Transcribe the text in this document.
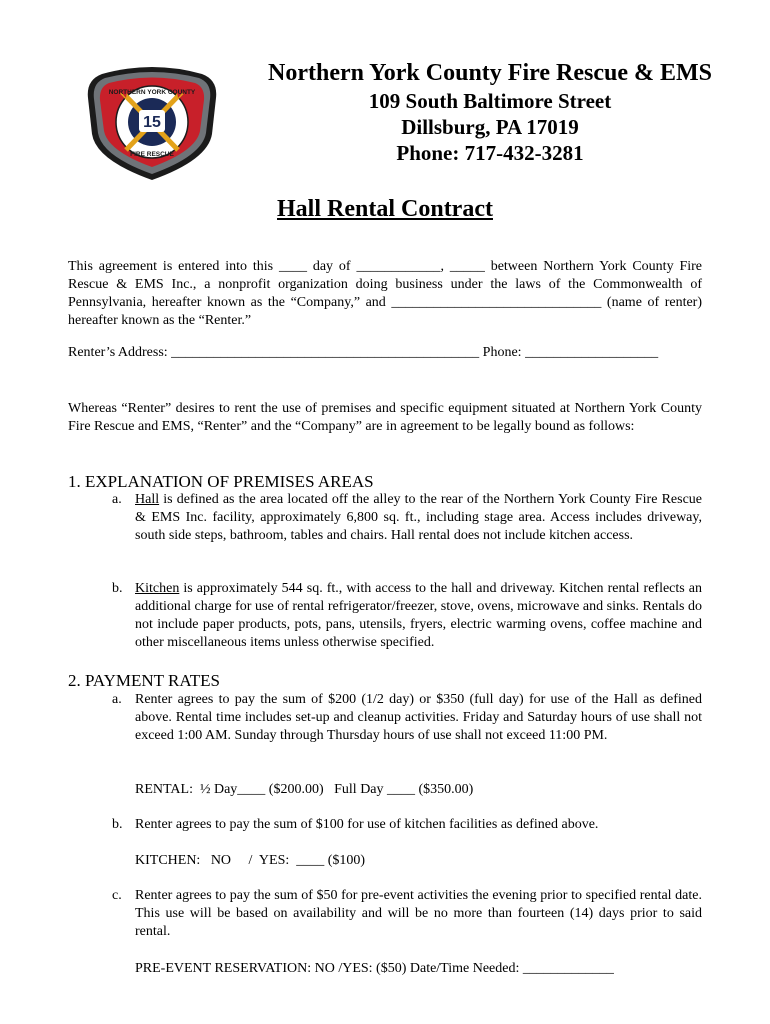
15
NORTHERN YORK COUNTY
FIRE RESCUE
Northern York County Fire Rescue & EMS
109 South Baltimore Street
Dillsburg, PA 17019
Phone: 717-432-3281
Hall Rental Contract
This agreement is entered into this ____ day of ____________, _____ between Northern York County Fire Rescue & EMS Inc., a nonprofit organization doing business under the laws of the Commonwealth of Pennsylvania, hereafter known as the “Company,” and ______________________________ (name of renter) hereafter known as the “Renter.”
Renter’s Address: ____________________________________________ Phone: ___________________
Whereas “Renter” desires to rent the use of premises and specific equipment situated at Northern York County Fire Rescue and EMS, “Renter” and the “Company” are in agreement to be legally bound as follows:
1. EXPLANATION OF PREMISES AREAS
a. Hall is defined as the area located off the alley to the rear of the Northern York County Fire Rescue & EMS Inc. facility, approximately 6,800 sq. ft., including stage area. Access includes driveway, south side steps, bathroom, tables and chairs. Hall rental does not include kitchen access.
b. Kitchen is approximately 544 sq. ft., with access to the hall and driveway. Kitchen rental reflects an additional charge for use of rental refrigerator/freezer, stove, ovens, microwave and sinks. Rentals do not include paper products, pots, pans, utensils, fryers, electric warming ovens, coffee machine and other miscellaneous items unless otherwise specified.
2. PAYMENT RATES
a. Renter agrees to pay the sum of $200 (1/2 day) or $350 (full day) for use of the Hall as defined above. Rental time includes set-up and cleanup activities. Friday and Saturday hours of use shall not exceed 1:00 AM. Sunday through Thursday hours of use shall not exceed 11:00 PM.
RENTAL:  ½ Day____ ($200.00)   Full Day ____ ($350.00)
b. Renter agrees to pay the sum of $100 for use of kitchen facilities as defined above.
KITCHEN:   NO     /  YES:  ____ ($100)
c. Renter agrees to pay the sum of $50 for pre-event activities the evening prior to specified rental date. This use will be based on availability and will be no more than fourteen (14) days prior to said rental.
PRE-EVENT RESERVATION: NO /YES: ($50) Date/Time Needed: _____________
